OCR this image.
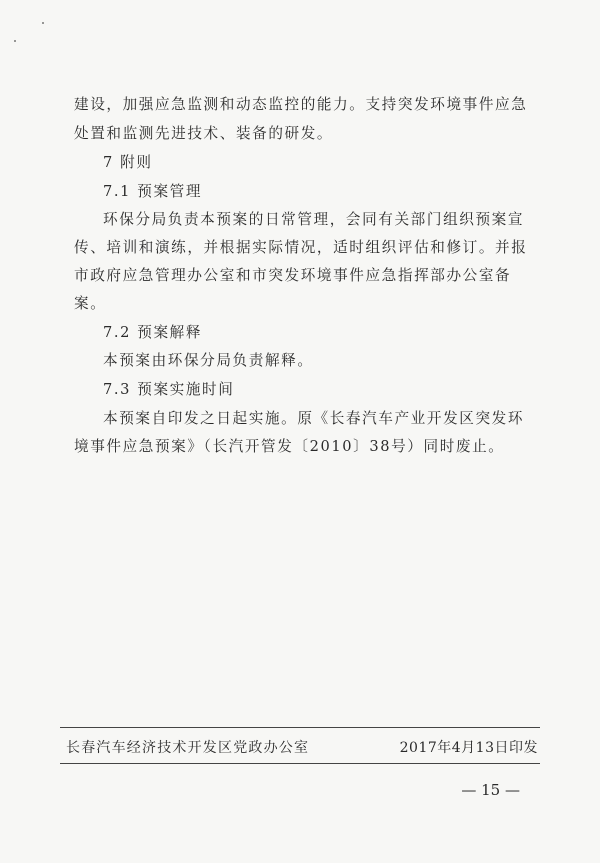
建设，加强应急监测和动态监控的能力。支持突发环境事件应急
处置和监测先进技术、装备的研发。
7 附则
7.1 预案管理
环保分局负责本预案的日常管理，会同有关部门组织预案宣
传、培训和演练，并根据实际情况，适时组织评估和修订。并报
市政府应急管理办公室和市突发环境事件应急指挥部办公室备
案。
7.2 预案解释
本预案由环保分局负责解释。
7.3 预案实施时间
本预案自印发之日起实施。原《长春汽车产业开发区突发环
境事件应急预案》（长汽开管发〔2010〕38号）同时废止。
长春汽车经济技术开发区党政办公室	2017年4月13日印发
— 15 —
